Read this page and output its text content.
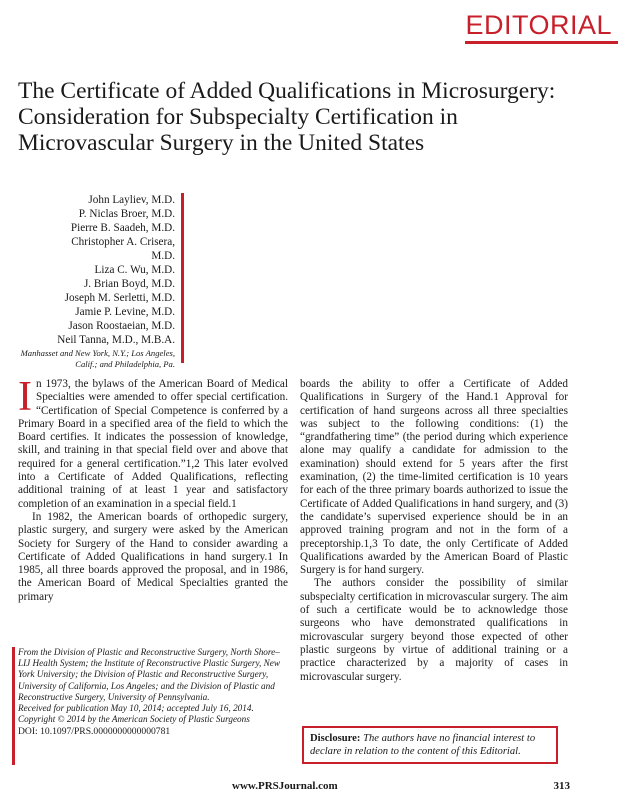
EDITORIAL
The Certificate of Added Qualifications in Microsurgery: Consideration for Subspecialty Certification in Microvascular Surgery in the United States
John Layliev, M.D.
P. Niclas Broer, M.D.
Pierre B. Saadeh, M.D.
Christopher A. Crisera,
M.D.
Liza C. Wu, M.D.
J. Brian Boyd, M.D.
Joseph M. Serletti, M.D.
Jamie P. Levine, M.D.
Jason Roostaeian, M.D.
Neil Tanna, M.D., M.B.A.
Manhasset and New York, N.Y.; Los Angeles, Calif.; and Philadelphia, Pa.

In 1973, the bylaws of the American Board of Medical Specialties were amended to offer special certification. “Certification of Special Competence is conferred by a Primary Board in a specified area of the field to which the Board certifies. It indicates the possession of knowledge, skill, and training in that special field over and above that required for a general certification.”1,2 This later evolved into a Certificate of Added Qualifications, reflecting additional training of at least 1 year and satisfactory completion of an examination in a special field.1

In 1982, the American boards of orthopedic surgery, plastic surgery, and surgery were asked by the American Society for Surgery of the Hand to consider awarding a Certificate of Added Qualifications in hand surgery.1 In 1985, all three boards approved the proposal, and in 1986, the American Board of Medical Specialties granted the primary

boards the ability to offer a Certificate of Added Qualifications in Surgery of the Hand.1 Approval for certification of hand surgeons across all three specialties was subject to the following conditions: (1) the “grandfathering time” (the period during which experience alone may qualify a candidate for admission to the examination) should extend for 5 years after the first examination, (2) the time-limited certification is 10 years for each of the three primary boards authorized to issue the Certificate of Added Qualifications in hand surgery, and (3) the candidate’s supervised experience should be in an approved training program and not in the form of a preceptorship.1,3 To date, the only Certificate of Added Qualifications awarded by the American Board of Plastic Surgery is for hand surgery.

The authors consider the possibility of similar subspecialty certification in microvascular surgery. The aim of such a certificate would be to acknowledge those surgeons who have demonstrated qualifications in microvascular surgery beyond those expected of other plastic surgeons by virtue of additional training or a practice characterized by a majority of cases in microvascular surgery.

From the Division of Plastic and Reconstructive Surgery, North Shore–LIJ Health System; the Institute of Reconstructive Plastic Surgery, New York University; the Division of Plastic and Reconstructive Surgery, University of California, Los Angeles; and the Division of Plastic and Reconstructive Surgery, University of Pennsylvania.

Received for publication May 10, 2014; accepted July 16, 2014.

Copyright © 2014 by the American Society of Plastic Surgeons

DOI: 10.1097/PRS.0000000000000781

Disclosure: The authors have no financial interest to declare in relation to the content of this Editorial.
www.PRSJournal.com	313
